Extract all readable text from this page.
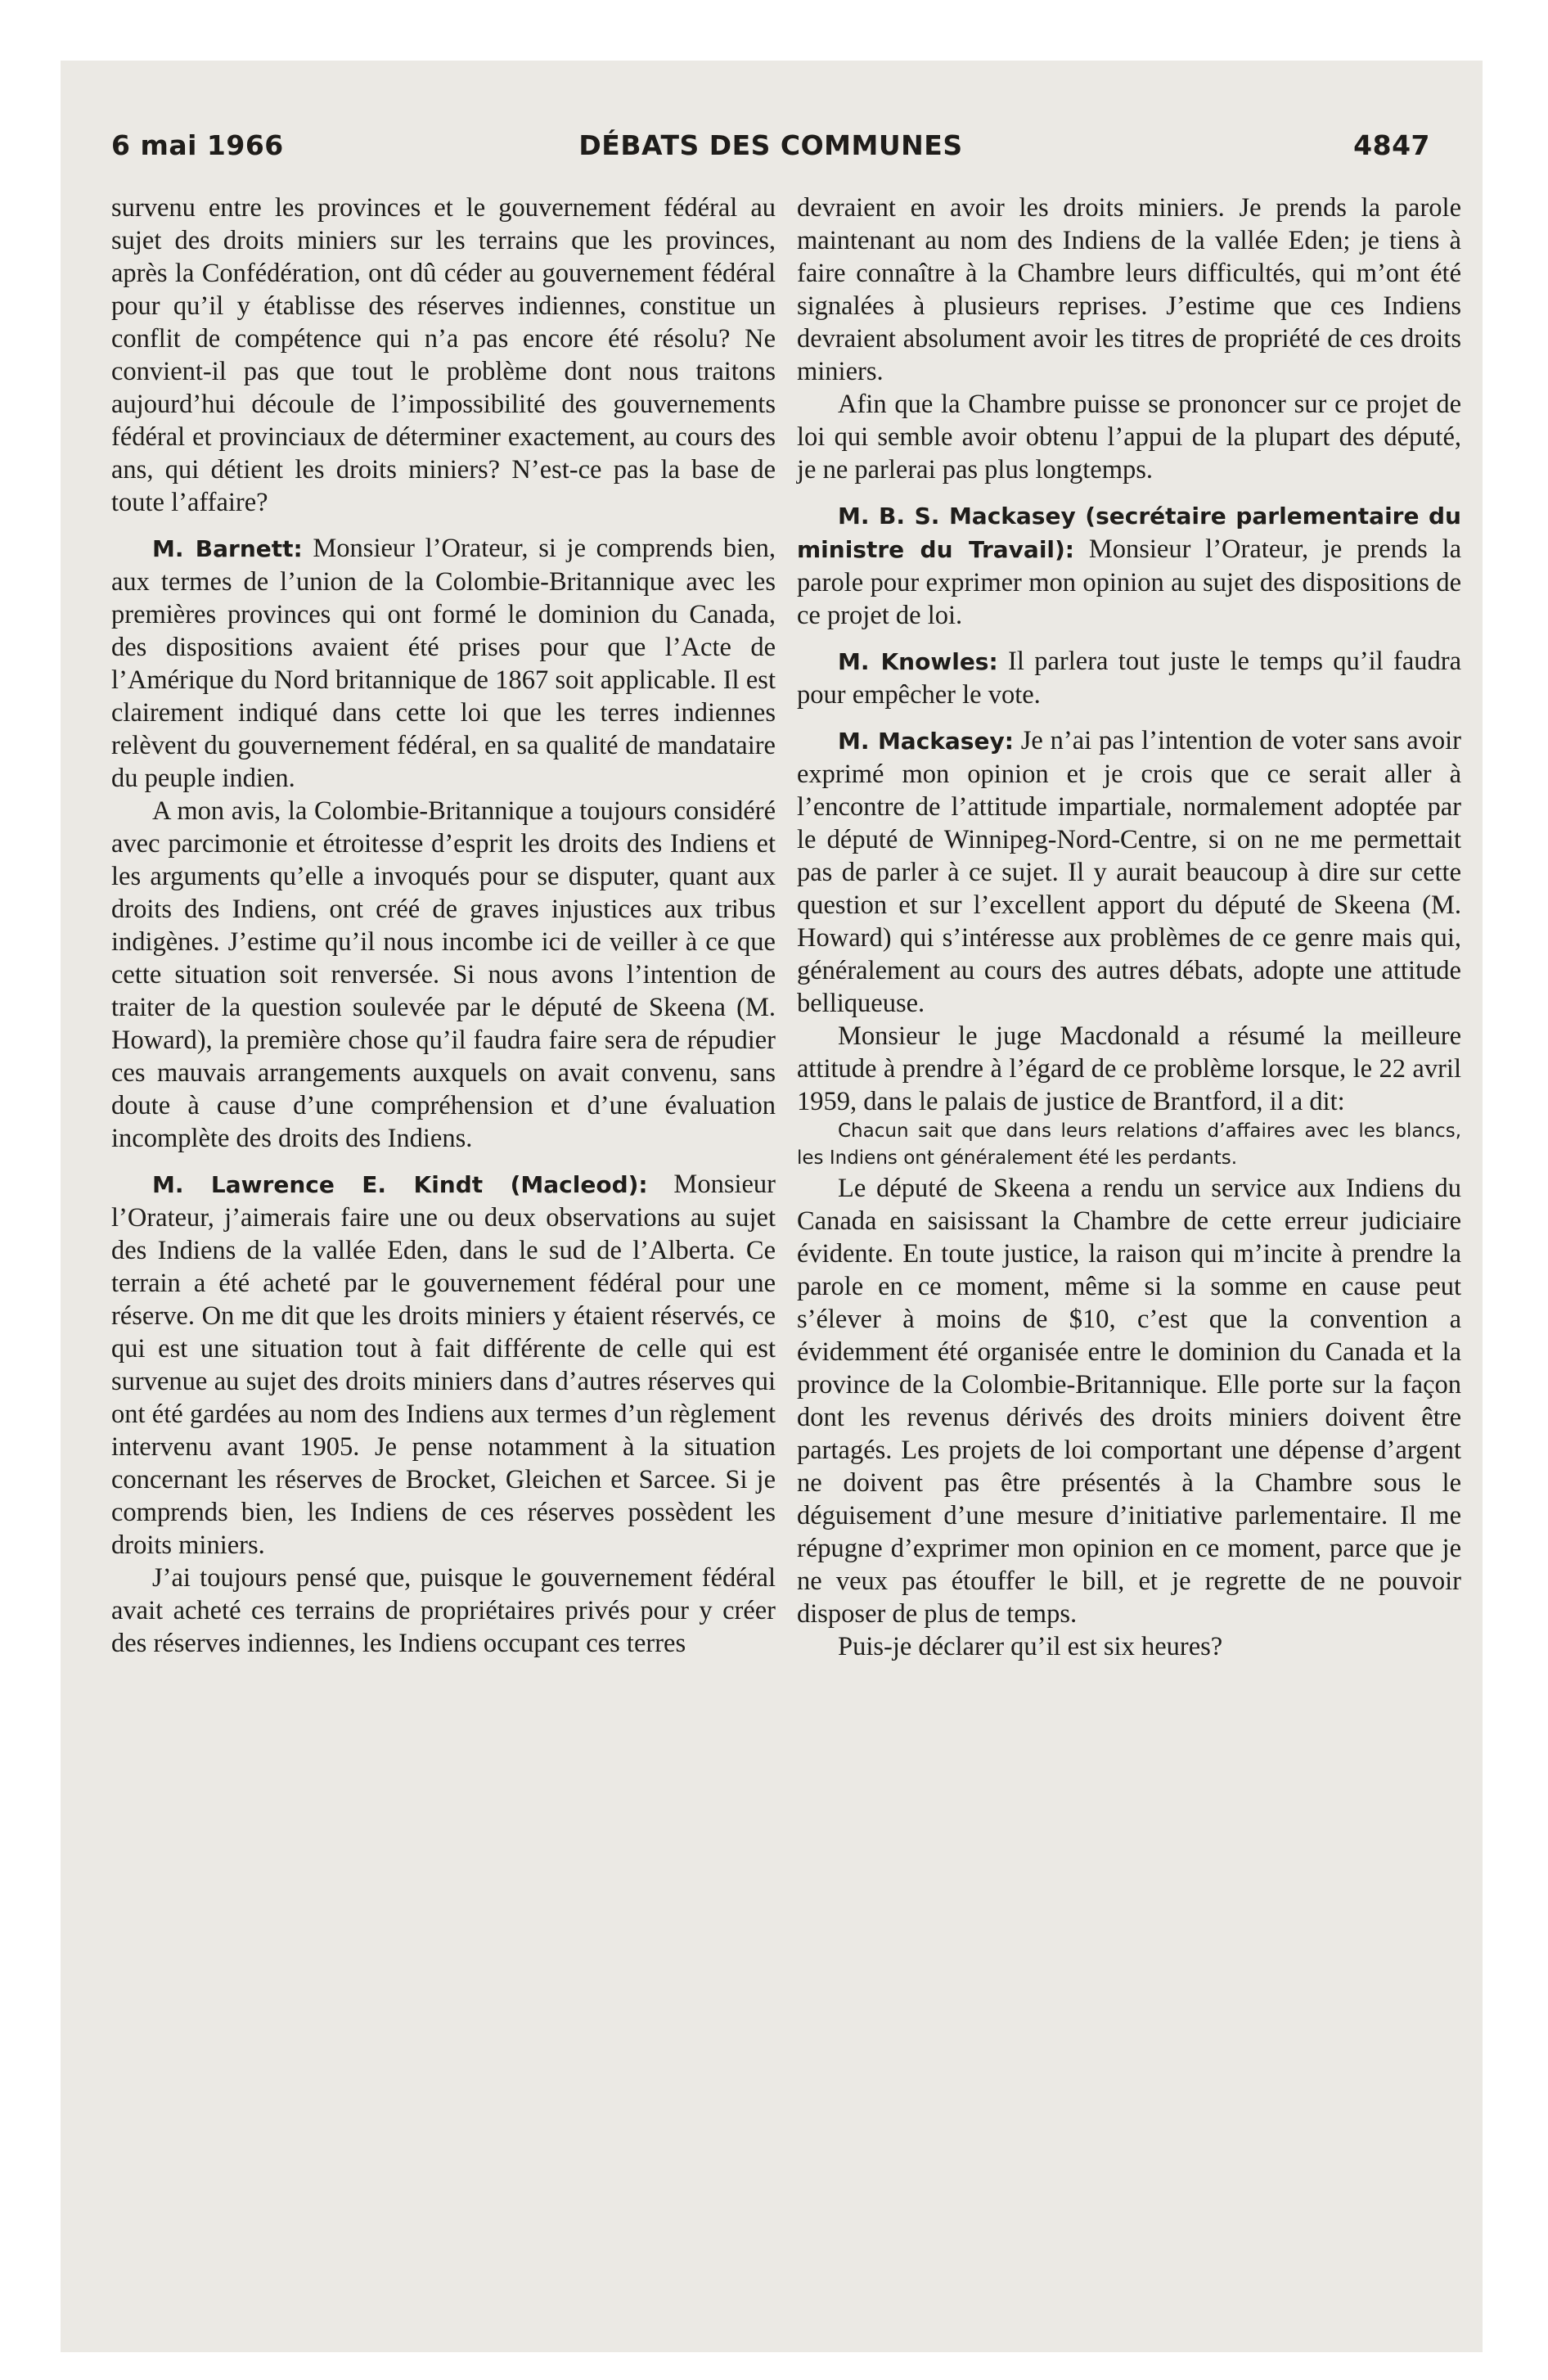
6 mai 1966	DÉBATS DES COMMUNES	4847

survenu entre les provinces et le gouvernement fédéral au sujet des droits miniers sur les terrains que les provinces, après la Confédération, ont dû céder au gouvernement fédéral pour qu’il y établisse des réserves indiennes, constitue un conflit de compétence qui n’a pas encore été résolu? Ne convient-il pas que tout le problème dont nous traitons aujourd’hui découle de l’impossibilité des gouvernements fédéral et provinciaux de déterminer exactement, au cours des ans, qui détient les droits miniers? N’est-ce pas la base de toute l’affaire?

M. Barnett: Monsieur l’Orateur, si je comprends bien, aux termes de l’union de la Colombie-Britannique avec les premières provinces qui ont formé le dominion du Canada, des dispositions avaient été prises pour que l’Acte de l’Amérique du Nord britannique de 1867 soit applicable. Il est clairement indiqué dans cette loi que les terres indiennes relèvent du gouvernement fédéral, en sa qualité de mandataire du peuple indien.

A mon avis, la Colombie-Britannique a toujours considéré avec parcimonie et étroitesse d’esprit les droits des Indiens et les arguments qu’elle a invoqués pour se disputer, quant aux droits des Indiens, ont créé de graves injustices aux tribus indigènes. J’estime qu’il nous incombe ici de veiller à ce que cette situation soit renversée. Si nous avons l’intention de traiter de la question soulevée par le député de Skeena (M. Howard), la première chose qu’il faudra faire sera de répudier ces mauvais arrangements auxquels on avait convenu, sans doute à cause d’une compréhension et d’une évaluation incomplète des droits des Indiens.

M. Lawrence E. Kindt (Macleod): Monsieur l’Orateur, j’aimerais faire une ou deux observations au sujet des Indiens de la vallée Eden, dans le sud de l’Alberta. Ce terrain a été acheté par le gouvernement fédéral pour une réserve. On me dit que les droits miniers y étaient réservés, ce qui est une situation tout à fait différente de celle qui est survenue au sujet des droits miniers dans d’autres réserves qui ont été gardées au nom des Indiens aux termes d’un règlement intervenu avant 1905. Je pense notamment à la situation concernant les réserves de Brocket, Gleichen et Sarcee. Si je comprends bien, les Indiens de ces réserves possèdent les droits miniers.

J’ai toujours pensé que, puisque le gouvernement fédéral avait acheté ces terrains de propriétaires privés pour y créer des réserves indiennes, les Indiens occupant ces terres

devraient en avoir les droits miniers. Je prends la parole maintenant au nom des Indiens de la vallée Eden; je tiens à faire connaître à la Chambre leurs difficultés, qui m’ont été signalées à plusieurs reprises. J’estime que ces Indiens devraient absolument avoir les titres de propriété de ces droits miniers.

Afin que la Chambre puisse se prononcer sur ce projet de loi qui semble avoir obtenu l’appui de la plupart des député, je ne parlerai pas plus longtemps.

M. B. S. Mackasey (secrétaire parlementaire du ministre du Travail): Monsieur l’Orateur, je prends la parole pour exprimer mon opinion au sujet des dispositions de ce projet de loi.

M. Knowles: Il parlera tout juste le temps qu’il faudra pour empêcher le vote.

M. Mackasey: Je n’ai pas l’intention de voter sans avoir exprimé mon opinion et je crois que ce serait aller à l’encontre de l’attitude impartiale, normalement adoptée par le député de Winnipeg-Nord-Centre, si on ne me permettait pas de parler à ce sujet. Il y aurait beaucoup à dire sur cette question et sur l’excellent apport du député de Skeena (M. Howard) qui s’intéresse aux problèmes de ce genre mais qui, généralement au cours des autres débats, adopte une attitude belliqueuse.

Monsieur le juge Macdonald a résumé la meilleure attitude à prendre à l’égard de ce problème lorsque, le 22 avril 1959, dans le palais de justice de Brantford, il a dit:

Chacun sait que dans leurs relations d’affaires avec les blancs, les Indiens ont généralement été les perdants.

Le député de Skeena a rendu un service aux Indiens du Canada en saisissant la Chambre de cette erreur judiciaire évidente. En toute justice, la raison qui m’incite à prendre la parole en ce moment, même si la somme en cause peut s’élever à moins de $10, c’est que la convention a évidemment été organisée entre le dominion du Canada et la province de la Colombie-Britannique. Elle porte sur la façon dont les revenus dérivés des droits miniers doivent être partagés. Les projets de loi comportant une dépense d’argent ne doivent pas être présentés à la Chambre sous le déguisement d’une mesure d’initiative parlementaire. Il me répugne d’exprimer mon opinion en ce moment, parce que je ne veux pas étouffer le bill, et je regrette de ne pouvoir disposer de plus de temps.

Puis-je déclarer qu’il est six heures?
